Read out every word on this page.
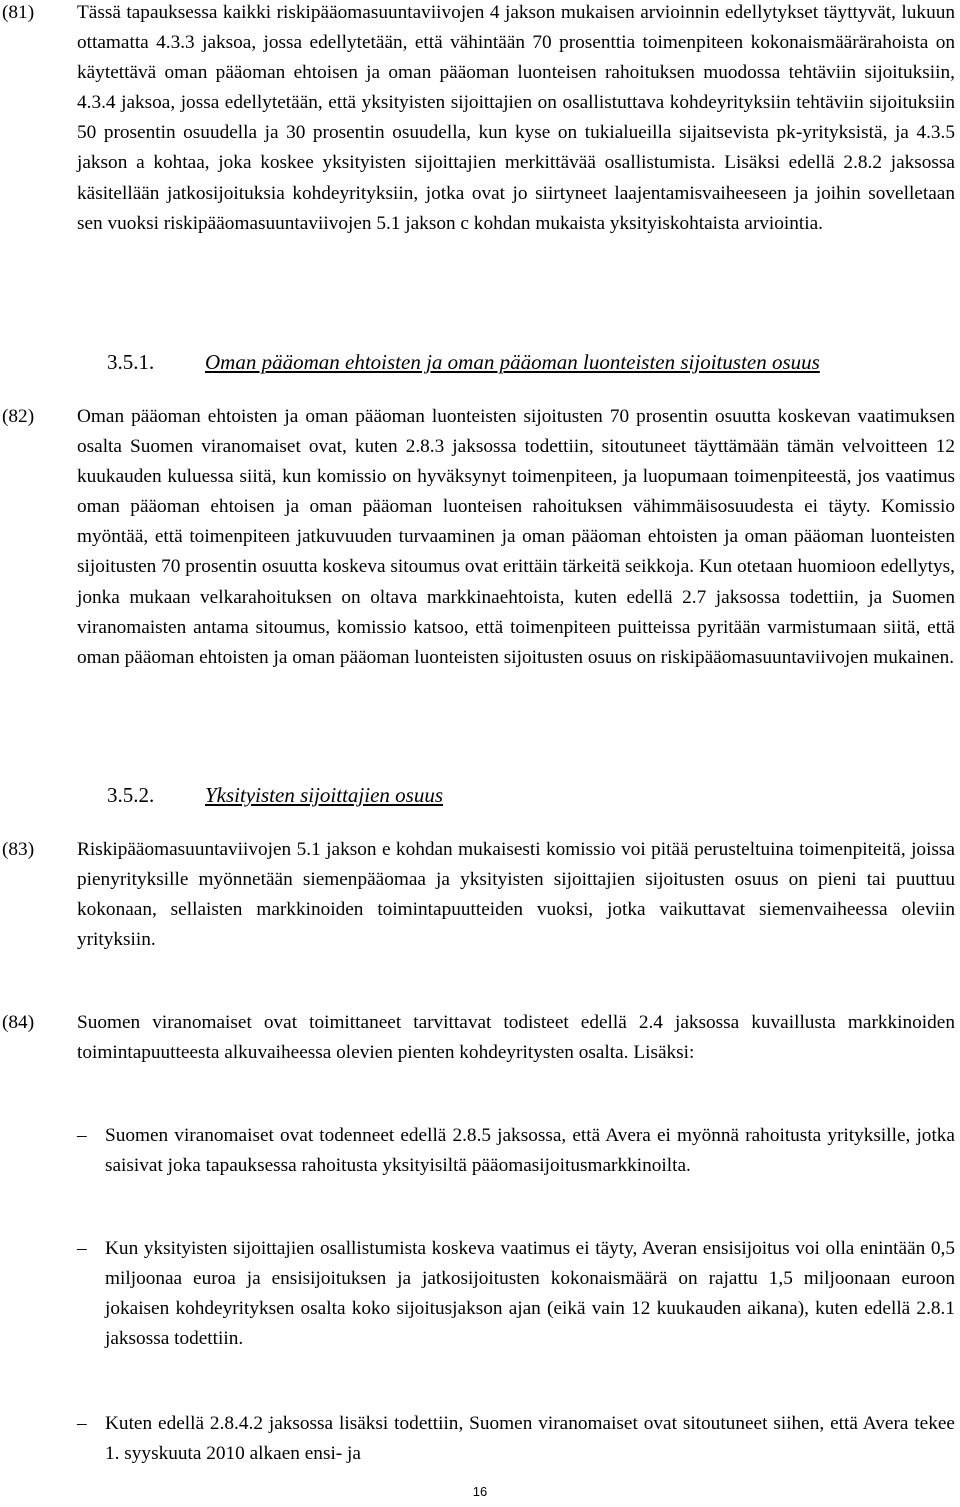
(81)	Tässä tapauksessa kaikki riskipääomasuuntaviivojen 4 jakson mukaisen arvioinnin edellytykset täyttyvät, lukuun ottamatta 4.3.3 jaksoa, jossa edellytetään, että vähintään 70 prosenttia toimenpiteen kokonaismäärärahoista on käytettävä oman pääoman ehtoisen ja oman pääoman luonteisen rahoituksen muodossa tehtäviin sijoituksiin, 4.3.4 jaksoa, jossa edellytetään, että yksityisten sijoittajien on osallistuttava kohdeyrityksiin tehtäviin sijoituksiin 50 prosentin osuudella ja 30 prosentin osuudella, kun kyse on tukialueilla sijaitsevista pk-yrityksistä, ja 4.3.5 jakson a kohtaa, joka koskee yksityisten sijoittajien merkittävää osallistumista. Lisäksi edellä 2.8.2 jaksossa käsitellään jatkosijoituksia kohdeyrityksiin, jotka ovat jo siirtyneet laajentamisvaiheeseen ja joihin sovelletaan sen vuoksi riskipääomasuuntaviivojen 5.1 jakson c kohdan mukaista yksityiskohtaista arviointia.
3.5.1. Oman pääoman ehtoisten ja oman pääoman luonteisten sijoitusten osuus
(82)	Oman pääoman ehtoisten ja oman pääoman luonteisten sijoitusten 70 prosentin osuutta koskevan vaatimuksen osalta Suomen viranomaiset ovat, kuten 2.8.3 jaksossa todettiin, sitoutuneet täyttämään tämän velvoitteen 12 kuukauden kuluessa siitä, kun komissio on hyväksynyt toimenpiteen, ja luopumaan toimenpiteestä, jos vaatimus oman pääoman ehtoisen ja oman pääoman luonteisen rahoituksen vähimmäisosuudesta ei täyty. Komissio myöntää, että toimenpiteen jatkuvuuden turvaaminen ja oman pääoman ehtoisten ja oman pääoman luonteisten sijoitusten 70 prosentin osuutta koskeva sitoumus ovat erittäin tärkeitä seikkoja. Kun otetaan huomioon edellytys, jonka mukaan velkarahoituksen on oltava markkinaehtoista, kuten edellä 2.7 jaksossa todettiin, ja Suomen viranomaisten antama sitoumus, komissio katsoo, että toimenpiteen puitteissa pyritään varmistumaan siitä, että oman pääoman ehtoisten ja oman pääoman luonteisten sijoitusten osuus on riskipääomasuuntaviivojen mukainen.
3.5.2. Yksityisten sijoittajien osuus
(83)	Riskipääomasuuntaviivojen 5.1 jakson e kohdan mukaisesti komissio voi pitää perusteltuina toimenpiteitä, joissa pienyrityksille myönnetään siemenpääomaa ja yksityisten sijoittajien sijoitusten osuus on pieni tai puuttuu kokonaan, sellaisten markkinoiden toimintapuutteiden vuoksi, jotka vaikuttavat siemenvaiheessa oleviin yrityksiin.
(84)	Suomen viranomaiset ovat toimittaneet tarvittavat todisteet edellä 2.4 jaksossa kuvaillusta markkinoiden toimintapuutteesta alkuvaiheessa olevien pienten kohdeyritysten osalta. Lisäksi:
– Suomen viranomaiset ovat todenneet edellä 2.8.5 jaksossa, että Avera ei myönnä rahoitusta yrityksille, jotka saisivat joka tapauksessa rahoitusta yksityisiltä pääomasijoitusmarkkinoilta.
– Kun yksityisten sijoittajien osallistumista koskeva vaatimus ei täyty, Averan ensisijoitus voi olla enintään 0,5 miljoonaa euroa ja ensisijoituksen ja jatkosijoitusten kokonaismäärä on rajattu 1,5 miljoonaan euroon jokaisen kohdeyrityksen osalta koko sijoitusjakson ajan (eikä vain 12 kuukauden aikana), kuten edellä 2.8.1 jaksossa todettiin.
– Kuten edellä 2.8.4.2 jaksossa lisäksi todettiin, Suomen viranomaiset ovat sitoutuneet siihen, että Avera tekee 1. syyskuuta 2010 alkaen ensi- ja
16
